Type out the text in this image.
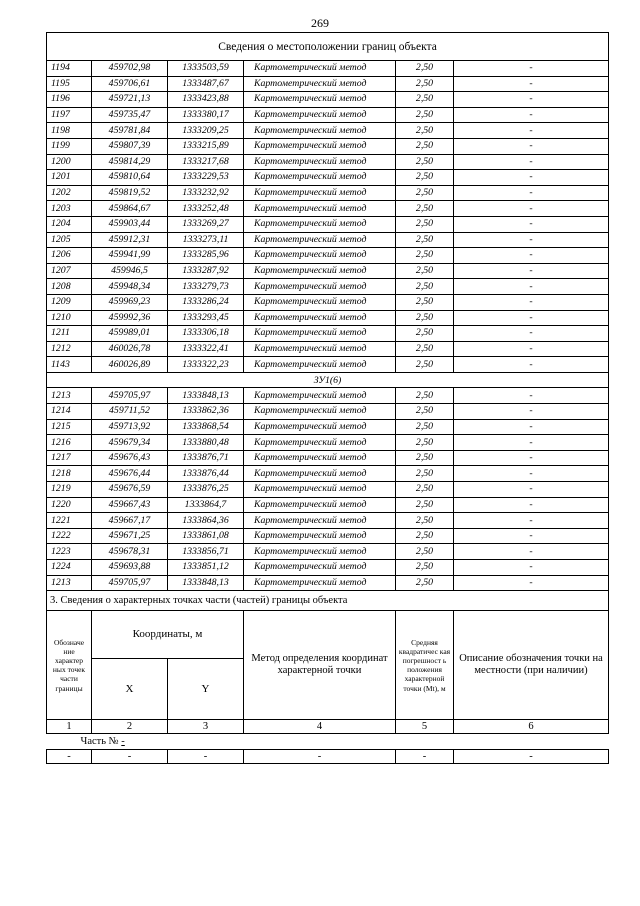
269
Сведения о местоположении границ объекта					
1194	459702,98	1333503,59	Картометрический метод	2,50	-
1195	459706,61	1333487,67	Картометрический метод	2,50	-
1196	459721,13	1333423,88	Картометрический метод	2,50	-
1197	459735,47	1333380,17	Картометрический метод	2,50	-
1198	459781,84	1333209,25	Картометрический метод	2,50	-
1199	459807,39	1333215,89	Картометрический метод	2,50	-
1200	459814,29	1333217,68	Картометрический метод	2,50	-
1201	459810,64	1333229,53	Картометрический метод	2,50	-
1202	459819,52	1333232,92	Картометрический метод	2,50	-
1203	459864,67	1333252,48	Картометрический метод	2,50	-
1204	459903,44	1333269,27	Картометрический метод	2,50	-
1205	459912,31	1333273,11	Картометрический метод	2,50	-
1206	459941,99	1333285,96	Картометрический метод	2,50	-
1207	459946,5	1333287,92	Картометрический метод	2,50	-
1208	459948,34	1333279,73	Картометрический метод	2,50	-
1209	459969,23	1333286,24	Картометрический метод	2,50	-
1210	459992,36	1333293,45	Картометрический метод	2,50	-
1211	459989,01	1333306,18	Картометрический метод	2,50	-
1212	460026,78	1333322,41	Картометрический метод	2,50	-
1143	460026,89	1333322,23	Картометрический метод	2,50	-
ЗУ1(6)					
1213	459705,97	1333848,13	Картометрический метод	2,50	-
1214	459711,52	1333862,36	Картометрический метод	2,50	-
1215	459713,92	1333868,54	Картометрический метод	2,50	-
1216	459679,34	1333880,48	Картометрический метод	2,50	-
1217	459676,43	1333876,71	Картометрический метод	2,50	-
1218	459676,44	1333876,44	Картометрический метод	2,50	-
1219	459676,59	1333876,25	Картометрический метод	2,50	-
1220	459667,43	1333864,7	Картометрический метод	2,50	-
1221	459667,17	1333864,36	Картометрический метод	2,50	-
1222	459671,25	1333861,08	Картометрический метод	2,50	-
1223	459678,31	1333856,71	Картометрический метод	2,50	-
1224	459693,88	1333851,12	Картометрический метод	2,50	-
1213	459705,97	1333848,13	Картометрический метод	2,50	-
3. Сведения о характерных точках части (частей) границы объекта					

Обозначе ние характер ных точек части границы	Координаты, м		Метод определения координат характерной точки	Средняя квадратичес кая погрешност ь положения характерной точки (Mt), м	Описание обозначения точки на местности (при наличии)

	X	Y			
1	2	3	4	5	6
Часть № -					
-	-	-	-	-	-
